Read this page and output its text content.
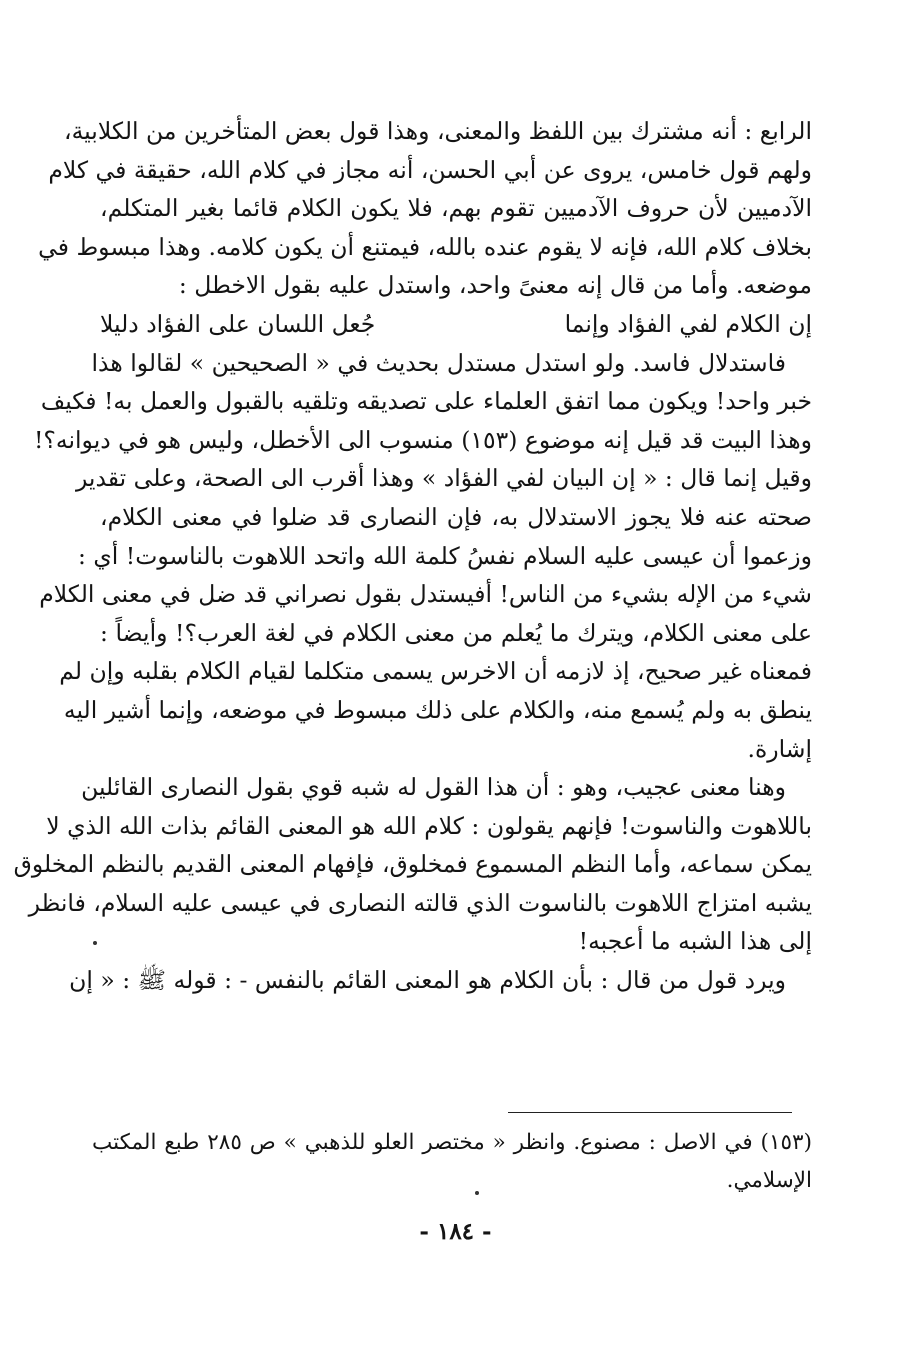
الرابع : أنه مشترك بين اللفظ والمعنى، وهذا قول بعض المتأخرين من الكلابية،
ولهم قول خامس، يروى عن أبي الحسن، أنه مجاز في كلام الله، حقيقة في كلام
الآدميين لأن حروف الآدميين تقوم بهم، فلا يكون الكلام قائما بغير المتكلم،
بخلاف كلام الله، فإنه لا يقوم عنده بالله، فيمتنع أن يكون كلامه. وهذا مبسوط في
موضعه. وأما من قال إنه معنىً واحد، واستدل عليه بقول الاخطل :

إن الكلام لفي الفؤاد وإنما
جُعل اللسان على الفؤاد دليلا

فاستدلال فاسد. ولو استدل مستدل بحديث في « الصحيحين » لقالوا هذا
خبر واحد! ويكون مما اتفق العلماء على تصديقه وتلقيه بالقبول والعمل به! فكيف
وهذا البيت قد قيل إنه موضوع (١٥٣) منسوب الى الأخطل، وليس هو في ديوانه؟!
وقيل إنما قال : « إن البيان لفي الفؤاد » وهذا أقرب الى الصحة، وعلى تقدير
صحته عنه فلا يجوز الاستدلال به، فإن النصارى قد ضلوا في معنى الكلام،
وزعموا أن عيسى عليه السلام نفسُ كلمة الله واتحد اللاهوت بالناسوت! أي :
شيء من الإله بشيء من الناس! أفيستدل بقول نصراني قد ضل في معنى الكلام
على معنى الكلام، ويترك ما يُعلم من معنى الكلام في لغة العرب؟! وأيضاً :
فمعناه غير صحيح، إذ لازمه أن الاخرس يسمى متكلما لقيام الكلام بقلبه وإن لم
ينطق به ولم يُسمع منه، والكلام على ذلك مبسوط في موضعه، وإنما أشير اليه
إشارة.

وهنا معنى عجيب، وهو : أن هذا القول له شبه قوي بقول النصارى القائلين
باللاهوت والناسوت! فإنهم يقولون : كلام الله هو المعنى القائم بذات الله الذي لا
يمكن سماعه، وأما النظم المسموع فمخلوق، فإفهام المعنى القديم بالنظم المخلوق
يشبه امتزاج اللاهوت بالناسوت الذي قالته النصارى في عيسى عليه السلام، فانظر
إلى هذا الشبه ما أعجبه!

ويرد قول من قال : بأن الكلام هو المعنى القائم بالنفس - : قوله ﷺ : « إن

(١٥٣) في الاصل : مصنوع. وانظر « مختصر العلو للذهبي » ص ٢٨٥ طبع المكتب
الإسلامي.
- ١٨٤ -
